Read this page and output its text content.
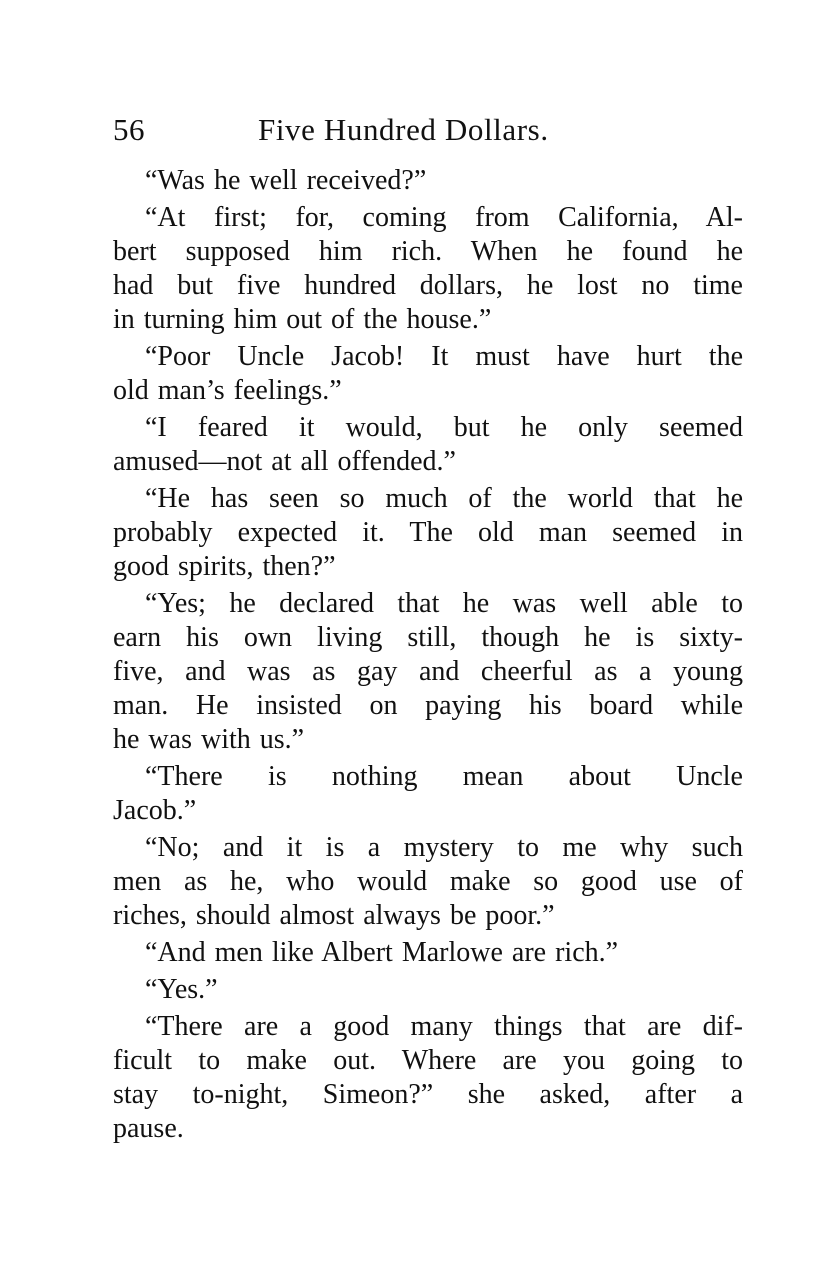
56	Five Hundred Dollars.

“Was he well received?”

“At first; for, coming from California, Al-
bert supposed him rich. When he found he
had but five hundred dollars, he lost no time
in turning him out of the house.”

“Poor Uncle Jacob! It must have hurt the
old man’s feelings.”

“I feared it would, but he only seemed
amused—not at all offended.”

“He has seen so much of the world that he
probably expected it. The old man seemed in
good spirits, then?”

“Yes; he declared that he was well able to
earn his own living still, though he is sixty-
five, and was as gay and cheerful as a young
man. He insisted on paying his board while
he was with us.”

“There is nothing mean about Uncle
Jacob.”

“No; and it is a mystery to me why such
men as he, who would make so good use of
riches, should almost always be poor.”

“And men like Albert Marlowe are rich.”

“Yes.”

“There are a good many things that are dif-
ficult to make out. Where are you going to
stay to-night, Simeon?” she asked, after a
pause.
